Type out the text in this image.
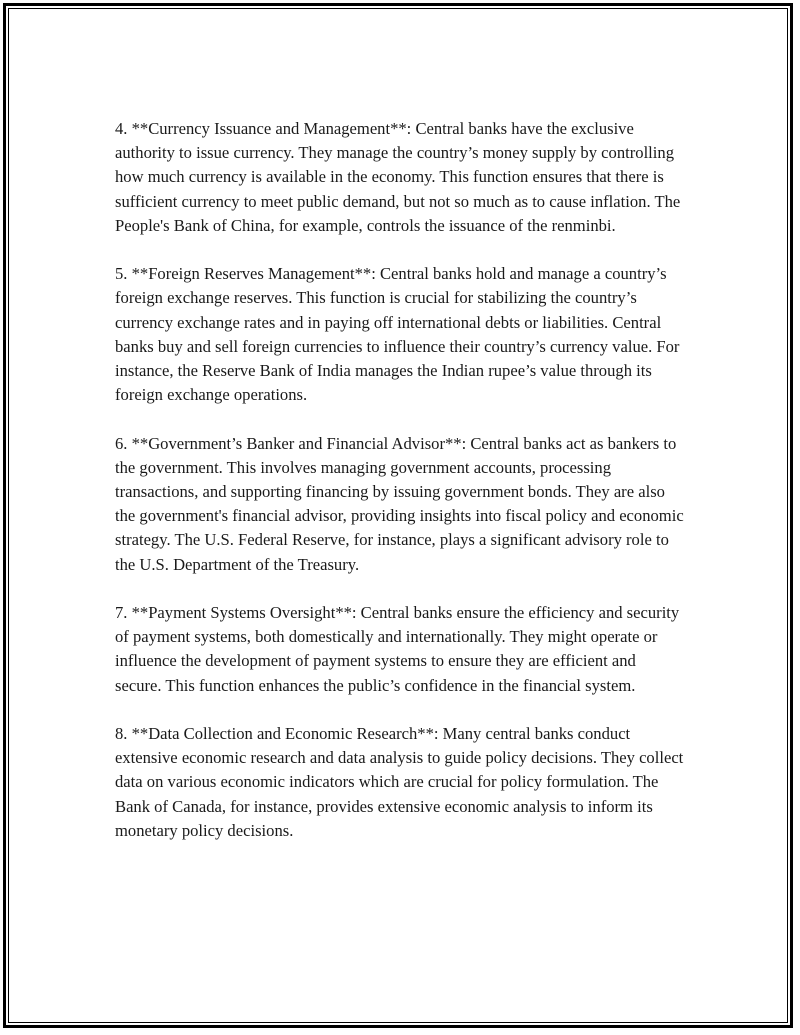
4. **Currency Issuance and Management**: Central banks have the exclusive authority to issue currency. They manage the country’s money supply by controlling how much currency is available in the economy. This function ensures that there is sufficient currency to meet public demand, but not so much as to cause inflation. The People's Bank of China, for example, controls the issuance of the renminbi.

5. **Foreign Reserves Management**: Central banks hold and manage a country’s foreign exchange reserves. This function is crucial for stabilizing the country’s currency exchange rates and in paying off international debts or liabilities. Central banks buy and sell foreign currencies to influence their country’s currency value. For instance, the Reserve Bank of India manages the Indian rupee’s value through its foreign exchange operations.

6. **Government’s Banker and Financial Advisor**: Central banks act as bankers to the government. This involves managing government accounts, processing transactions, and supporting financing by issuing government bonds. They are also the government's financial advisor, providing insights into fiscal policy and economic strategy. The U.S. Federal Reserve, for instance, plays a significant advisory role to the U.S. Department of the Treasury.

7. **Payment Systems Oversight**: Central banks ensure the efficiency and security of payment systems, both domestically and internationally. They might operate or influence the development of payment systems to ensure they are efficient and secure. This function enhances the public’s confidence in the financial system.

8. **Data Collection and Economic Research**: Many central banks conduct extensive economic research and data analysis to guide policy decisions. They collect data on various economic indicators which are crucial for policy formulation. The Bank of Canada, for instance, provides extensive economic analysis to inform its monetary policy decisions.
